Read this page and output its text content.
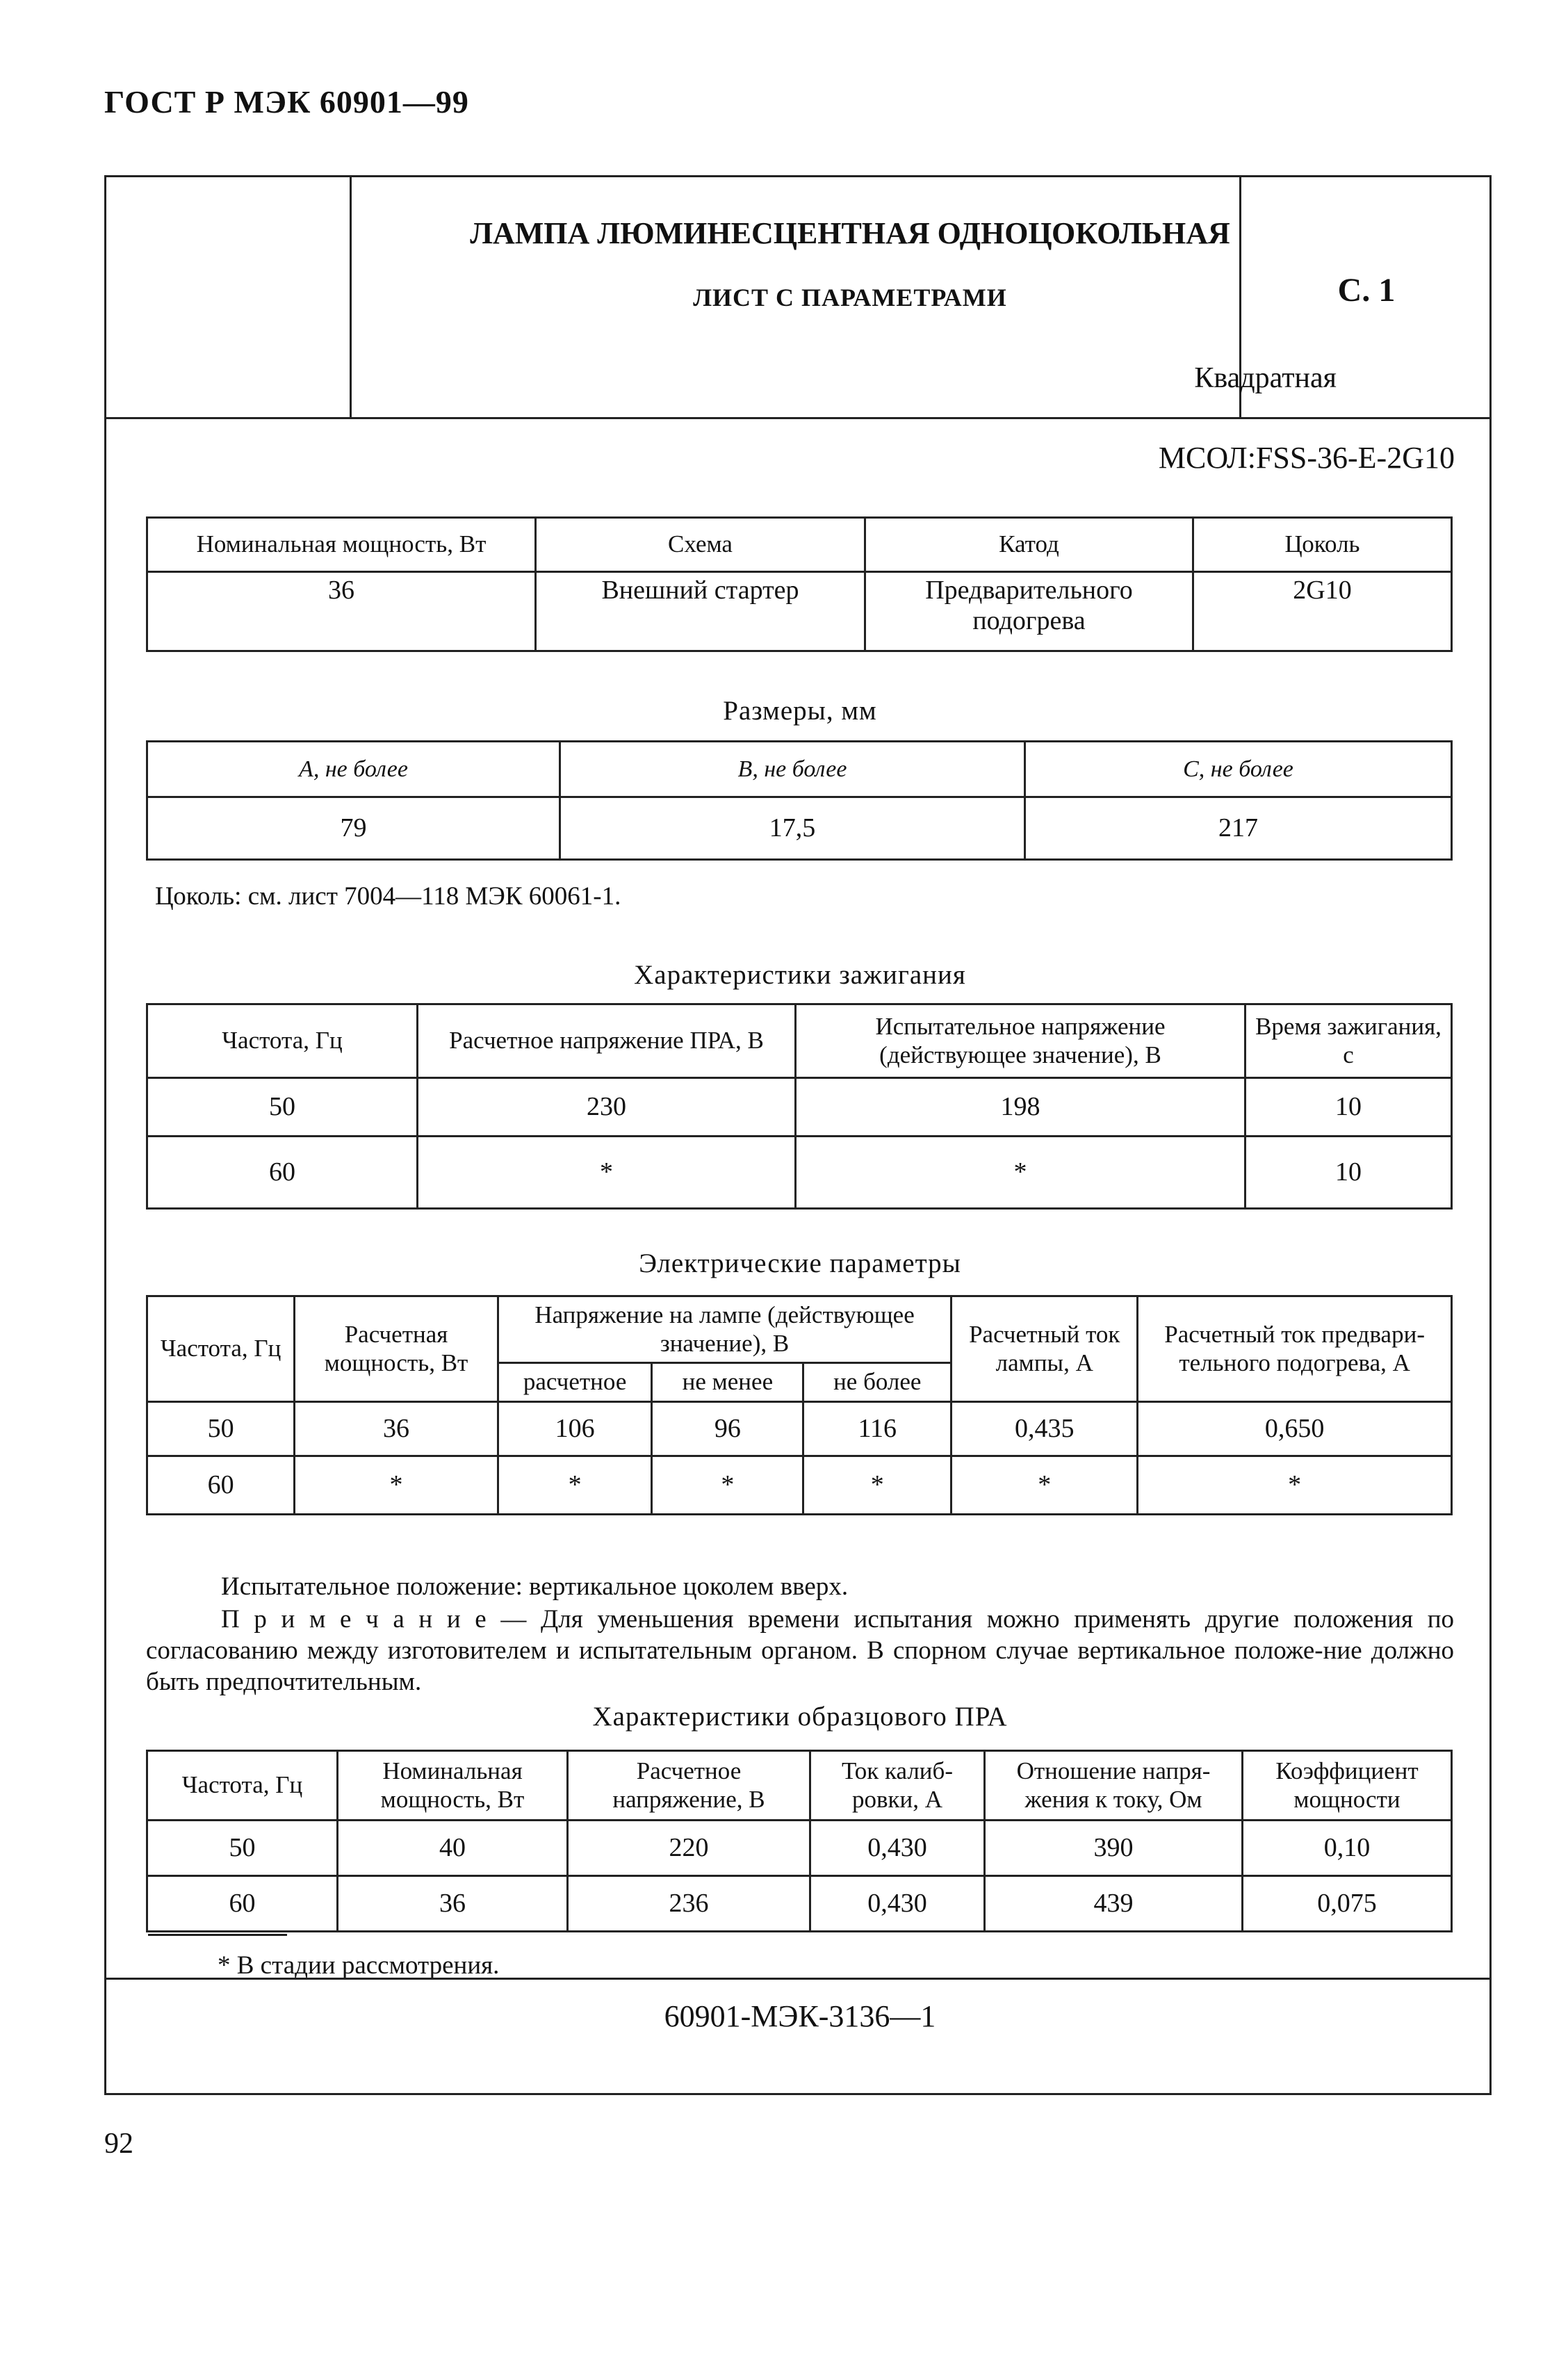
ГОСТ Р МЭК 60901—99
ЛАМПА ЛЮМИНЕСЦЕНТНАЯ ОДНОЦОКОЛЬНАЯ
ЛИСТ С ПАРАМЕТРАМИ	С. 1
Квадратная
МСОЛ:FSS-36-E-2G10
Номинальная мощность, Вт	Схема	Катод	Цоколь
36	Внешний стартер	Предварительного подогрева	2G10
Размеры, мм
A, не более	B, не более	C, не более
79	17,5	217
Цоколь: см. лист 7004—118 МЭК 60061-1.
Характеристики зажигания
Частота, Гц	Расчетное напряжение ПРА, В	Испытательное напряжение (действующее значение), В	Время зажигания, с
50	230	198	10
60	*	*	10
Электрические параметры
Частота, Гц	Расчетная мощность, Вт	Напряжение на лампе (действующее значение), В			Расчетный ток лампы, А	Расчетный ток предвари-тельного подогрева, А
		расчетное	не менее	не более		
50	36	106	96	116	0,435	0,650
60	*	*	*	*	*	*
Испытательное положение: вертикальное цоколем вверх.
П р и м е ч а н и е — Для уменьшения времени испытания можно применять другие положения по согласованию между изготовителем и испытательным органом. В спорном случае вертикальное положе-ние должно быть предпочтительным.
Характеристики образцового ПРА
Частота, Гц	Номинальная мощность, Вт	Расчетное напряжение, В	Ток калиб-ровки, А	Отношение напря-жения к току, Ом	Коэффициент мощности
50	40	220	0,430	390	0,10
60	36	236	0,430	439	0,075
* В стадии рассмотрения.
60901-МЭК-3136—1
92
